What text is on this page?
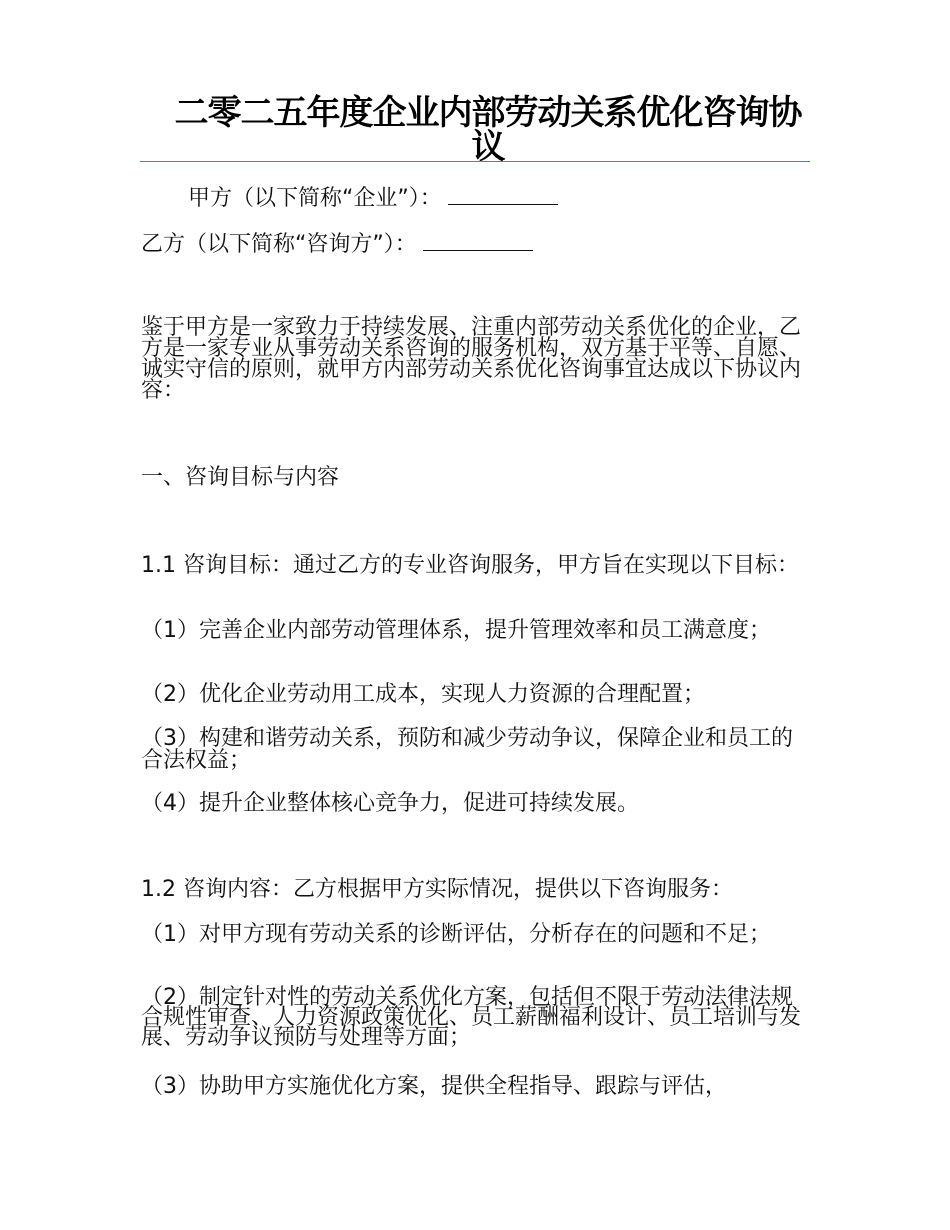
二零二五年度企业内部劳动关系优化咨询协议
甲方（以下简称“企业”）：
乙方（以下简称“咨询方”）：
鉴于甲方是一家致力于持续发展、注重内部劳动关系优化的企业，乙方是一家专业从事劳动关系咨询的服务机构，双方基于平等、自愿、诚实守信的原则，就甲方内部劳动关系优化咨询事宜达成以下协议内容：
一、咨询目标与内容
1.1 咨询目标：通过乙方的专业咨询服务，甲方旨在实现以下目标：
（1）完善企业内部劳动管理体系，提升管理效率和员工满意度；
（2）优化企业劳动用工成本，实现人力资源的合理配置；
（3）构建和谐劳动关系，预防和减少劳动争议，保障企业和员工的合法权益；
（4）提升企业整体核心竞争力，促进可持续发展。
1.2 咨询内容：乙方根据甲方实际情况，提供以下咨询服务：
（1）对甲方现有劳动关系的诊断评估，分析存在的问题和不足；
（2）制定针对性的劳动关系优化方案，包括但不限于劳动法律法规合规性审查、人力资源政策优化、员工薪酬福利设计、员工培训与发展、劳动争议预防与处理等方面；
（3）协助甲方实施优化方案，提供全程指导、跟踪与评估，
